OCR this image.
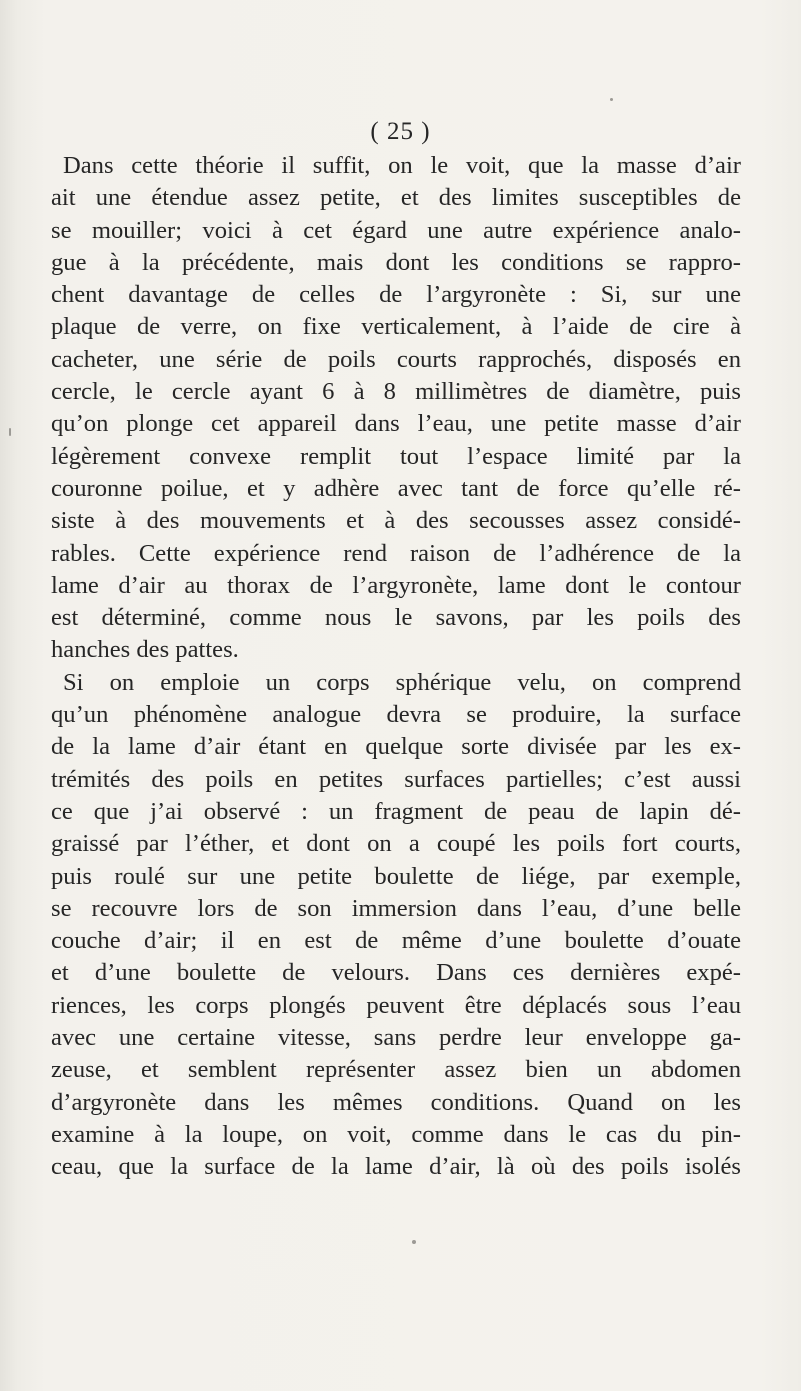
( 25 )
Dans cette théorie il suffit, on le voit, que la masse d’air
ait une étendue assez petite, et des limites susceptibles de
se mouiller; voici à cet égard une autre expérience analo-
gue à la précédente, mais dont les conditions se rappro-
chent davantage de celles de l’argyronète : Si, sur une
plaque de verre, on fixe verticalement, à l’aide de cire à
cacheter, une série de poils courts rapprochés, disposés en
cercle, le cercle ayant 6 à 8 millimètres de diamètre, puis
qu’on plonge cet appareil dans l’eau, une petite masse d’air
légèrement convexe remplit tout l’espace limité par la
couronne poilue, et y adhère avec tant de force qu’elle ré-
siste à des mouvements et à des secousses assez considé-
rables. Cette expérience rend raison de l’adhérence de la
lame d’air au thorax de l’argyronète, lame dont le contour
est déterminé, comme nous le savons, par les poils des
hanches des pattes.
Si on emploie un corps sphérique velu, on comprend
qu’un phénomène analogue devra se produire, la surface
de la lame d’air étant en quelque sorte divisée par les ex-
trémités des poils en petites surfaces partielles; c’est aussi
ce que j’ai observé : un fragment de peau de lapin dé-
graissé par l’éther, et dont on a coupé les poils fort courts,
puis roulé sur une petite boulette de liége, par exemple,
se recouvre lors de son immersion dans l’eau, d’une belle
couche d’air; il en est de même d’une boulette d’ouate
et d’une boulette de velours. Dans ces dernières expé-
riences, les corps plongés peuvent être déplacés sous l’eau
avec une certaine vitesse, sans perdre leur enveloppe ga-
zeuse, et semblent représenter assez bien un abdomen
d’argyronète dans les mêmes conditions. Quand on les
examine à la loupe, on voit, comme dans le cas du pin-
ceau, que la surface de la lame d’air, là où des poils isolés
